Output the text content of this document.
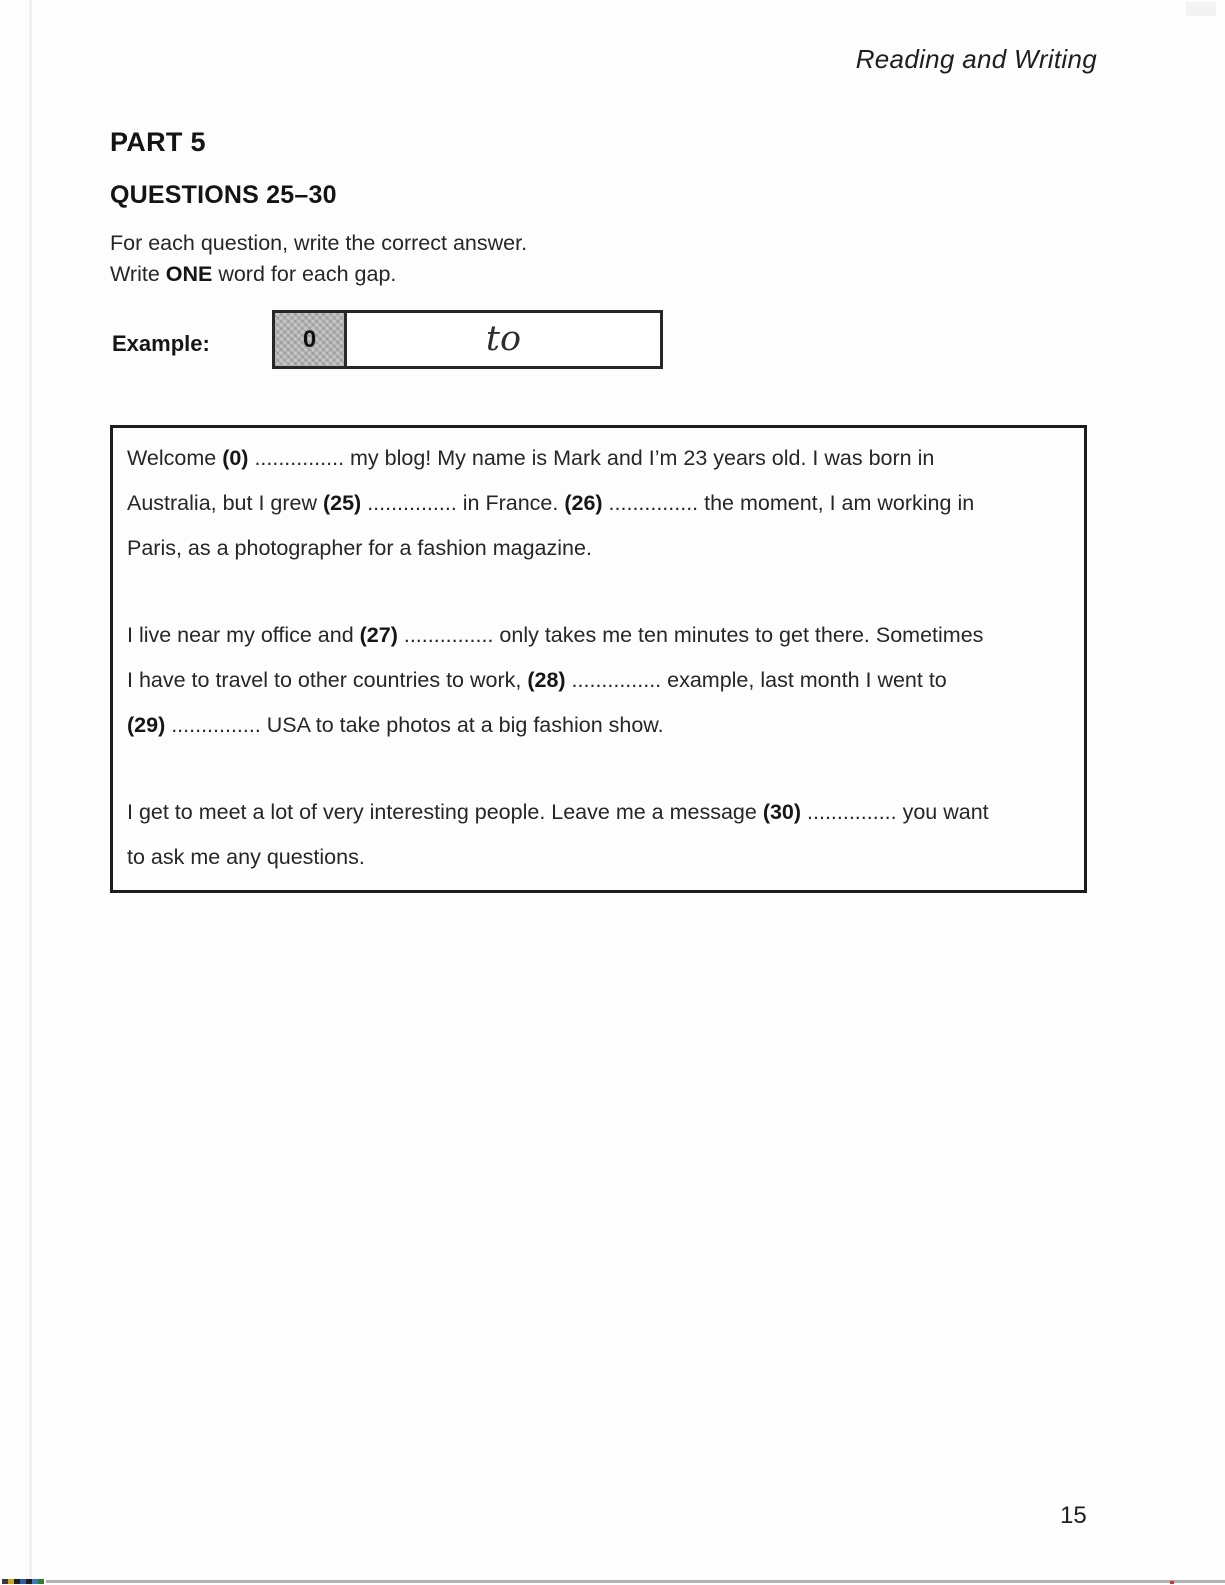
Reading and Writing
PART 5
QUESTIONS 25–30
For each question, write the correct answer.
Write ONE word for each gap.
Example:	0	to
Welcome (0) ............... my blog! My name is Mark and I’m 23 years old. I was born in
Australia, but I grew (25) ............... in France. (26) ............... the moment, I am working in
Paris, as a photographer for a fashion magazine.
I live near my office and (27) ............... only takes me ten minutes to get there. Sometimes
I have to travel to other countries to work, (28) ............... example, last month I went to
(29) ............... USA to take photos at a big fashion show.
I get to meet a lot of very interesting people. Leave me a message (30) ............... you want
to ask me any questions.
15
